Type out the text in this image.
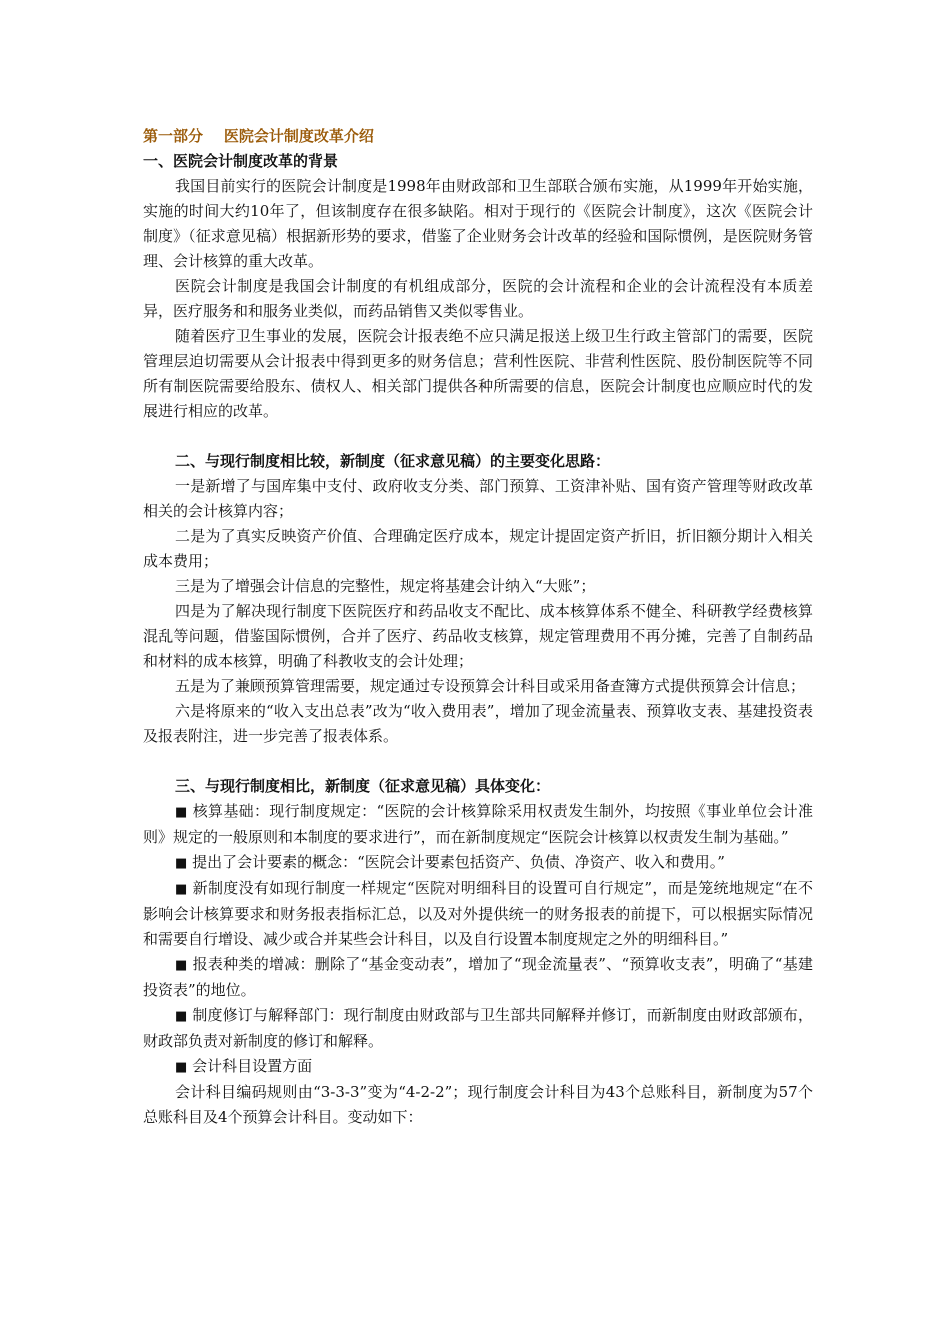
第一部分    医院会计制度改革介绍
一、医院会计制度改革的背景

我国目前实行的医院会计制度是1998年由财政部和卫生部联合颁布实施，从1999年开始实施，实施的时间大约10年了，但该制度存在很多缺陷。相对于现行的《医院会计制度》，这次《医院会计制度》（征求意见稿）根据新形势的要求，借鉴了企业财务会计改革的经验和国际惯例，是医院财务管理、会计核算的重大改革。

医院会计制度是我国会计制度的有机组成部分，医院的会计流程和企业的会计流程没有本质差异，医疗服务和和服务业类似，而药品销售又类似零售业。

随着医疗卫生事业的发展，医院会计报表绝不应只满足报送上级卫生行政主管部门的需要，医院管理层迫切需要从会计报表中得到更多的财务信息；营利性医院、非营利性医院、股份制医院等不同所有制医院需要给股东、债权人、相关部门提供各种所需要的信息，医院会计制度也应顺应时代的发展进行相应的改革。

二、与现行制度相比较，新制度（征求意见稿）的主要变化思路：

一是新增了与国库集中支付、政府收支分类、部门预算、工资津补贴、国有资产管理等财政改革相关的会计核算内容；

二是为了真实反映资产价值、合理确定医疗成本，规定计提固定资产折旧，折旧额分期计入相关成本费用；

三是为了增强会计信息的完整性，规定将基建会计纳入“大账”；

四是为了解决现行制度下医院医疗和药品收支不配比、成本核算体系不健全、科研教学经费核算混乱等问题，借鉴国际惯例，合并了医疗、药品收支核算，规定管理费用不再分摊，完善了自制药品和材料的成本核算，明确了科教收支的会计处理；

五是为了兼顾预算管理需要，规定通过专设预算会计科目或采用备查簿方式提供预算会计信息；

六是将原来的“收入支出总表”改为“收入费用表”，增加了现金流量表、预算收支表、基建投资表及报表附注，进一步完善了报表体系。

三、与现行制度相比，新制度（征求意见稿）具体变化：

■ 核算基础：现行制度规定：“医院的会计核算除采用权责发生制外，均按照《事业单位会计准则》规定的一般原则和本制度的要求进行”，而在新制度规定“医院会计核算以权责发生制为基础。”

■ 提出了会计要素的概念：“医院会计要素包括资产、负债、净资产、收入和费用。”

■ 新制度没有如现行制度一样规定“医院对明细科目的设置可自行规定”，而是笼统地规定“在不影响会计核算要求和财务报表指标汇总，以及对外提供统一的财务报表的前提下，可以根据实际情况和需要自行增设、减少或合并某些会计科目，以及自行设置本制度规定之外的明细科目。”

■ 报表种类的增减：删除了“基金变动表”，增加了“现金流量表”、“预算收支表”，明确了“基建投资表”的地位。

■ 制度修订与解释部门：现行制度由财政部与卫生部共同解释并修订，而新制度由财政部颁布，财政部负责对新制度的修订和解释。

■ 会计科目设置方面

会计科目编码规则由“3-3-3”变为“4-2-2”；现行制度会计科目为43个总账科目，新制度为57个总账科目及4个预算会计科目。变动如下：
